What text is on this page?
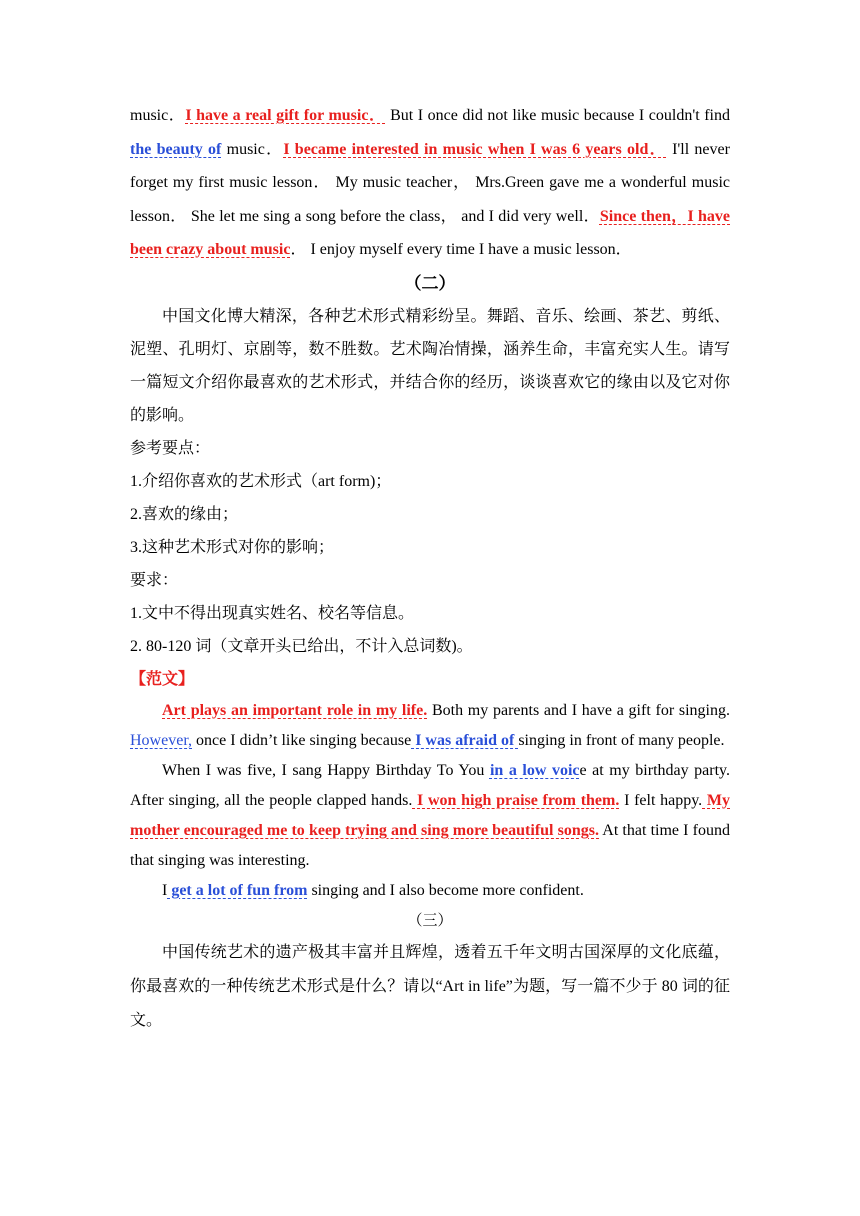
music．I have a real gift for music． But I once did not like music because I couldn't find the beauty of music．I became interested in music when I was 6 years old． I'll never forget my first music lesson． My music teacher， Mrs.Green gave me a wonderful music lesson． She let me sing a song before the class， and I did very well．Since then，I have been crazy about music． I enjoy myself every time I have a music lesson．

（二）

中国文化博大精深，各种艺术形式精彩纷呈。舞蹈、音乐、绘画、茶艺、剪纸、泥塑、孔明灯、京剧等，数不胜数。艺术陶冶情操，涵养生命，丰富充实人生。请写一篇短文介绍你最喜欢的艺术形式，并结合你的经历，谈谈喜欢它的缘由以及它对你的影响。

参考要点：

1.介绍你喜欢的艺术形式（art form)；

2.喜欢的缘由；

3.这种艺术形式对你的影响；

要求：

1.文中不得出现真实姓名、校名等信息。

2. 80-120 词（文章开头已给出，不计入总词数)。

【范文】

Art plays an important role in my life. Both my parents and I have a gift for singing. However, once I didn’t like singing because I was afraid of singing in front of many people.

When I was five, I sang Happy Birthday To You in a low voice at my birthday party. After singing, all the people clapped hands. I won high praise from them. I felt happy. My mother encouraged me to keep trying and sing more beautiful songs. At that time I found that singing was interesting.

I get a lot of fun from singing and I also become more confident.

（三）

中国传统艺术的遗产极其丰富并且辉煌，透着五千年文明古国深厚的文化底蕴，你最喜欢的一种传统艺术形式是什么？请以“Art in life”为题，写一篇不少于 80 词的征文。
